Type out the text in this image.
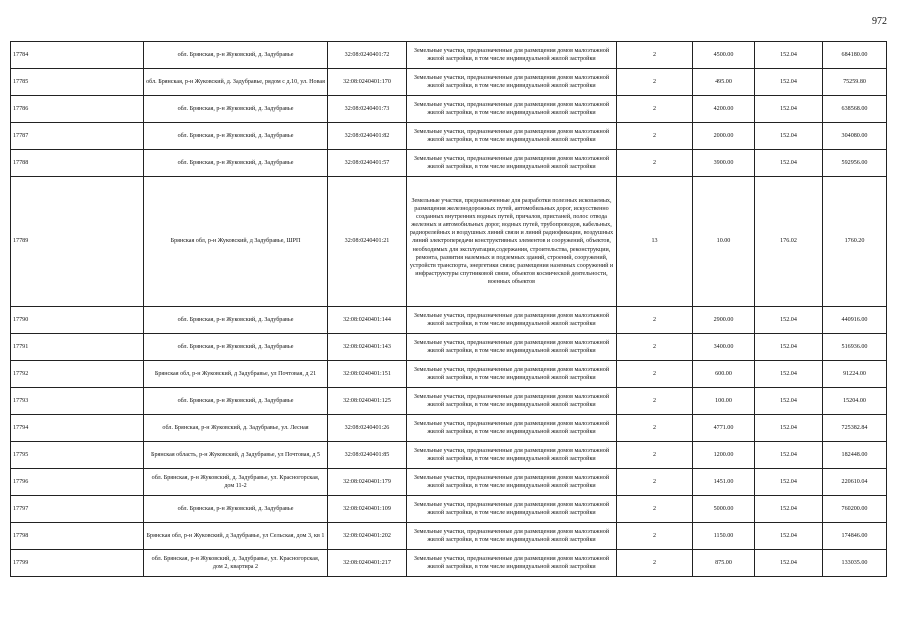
972
17784	обл. Брянская, р-н Жуковский, д. Задубравье	32:08:0240401:72	Земельные участки, предназначенные для размещения домов малоэтажной жилой застройки, в том числе индивидуальной жилой застройки	2	4500.00	152.04	684180.00
17785	обл. Брянская, р-н Жуковский, д. Задубравье, рядом с д.10, ул. Новая	32:08:0240401:170	Земельные участки, предназначенные для размещения домов малоэтажной жилой застройки, в том числе индивидуальной жилой застройки	2	495.00	152.04	75259.80
17786	обл. Брянская, р-н Жуковский, д. Задубравье	32:08:0240401:73	Земельные участки, предназначенные для размещения домов малоэтажной жилой застройки, в том числе индивидуальной жилой застройки	2	4200.00	152.04	638568.00
17787	обл. Брянская, р-н Жуковский, д. Задубравье	32:08:0240401:82	Земельные участки, предназначенные для размещения домов малоэтажной жилой застройки, в том числе индивидуальной жилой застройки	2	2000.00	152.04	304080.00
17788	обл. Брянская, р-н Жуковский, д. Задубравье	32:08:0240401:57	Земельные участки, предназначенные для размещения домов малоэтажной жилой застройки, в том числе индивидуальной жилой застройки	2	3900.00	152.04	592956.00
17789	Брянская обл, р-н Жуковский, д Задубравье, ШРП	32:08:0240401:21	Земельные участки, предназначенные для разработки полезных ископаемых, размещения железнодорожных путей, автомобильных дорог, искусственно созданных внутренних водных путей, причалов, пристаней, полос отвода железных и автомобильных дорог, водных путей, трубопроводов, кабельных, радиорелейных и воздушных линий связи и линий радиофикации, воздушных линий электропередачи конструктивных элементов и сооружений, объектов, необходимых для эксплуатации,содержания, строительства, реконструкции, ремонта, развития наземных и подземных зданий, строений, сооружений, устройств транспорта, энергетики связи; размещения наземных сооружений и инфраструктуры спутниковой связи, объектов космической деятельности, военных объектов	13	10.00	176.02	1760.20
17790	обл. Брянская, р-н Жуковский, д. Задубравье	32:08:0240401:144	Земельные участки, предназначенные для размещения домов малоэтажной жилой застройки, в том числе индивидуальной жилой застройки	2	2900.00	152.04	440916.00
17791	обл. Брянская, р-н Жуковский, д. Задубравье	32:08:0240401:143	Земельные участки, предназначенные для размещения домов малоэтажной жилой застройки, в том числе индивидуальной жилой застройки	2	3400.00	152.04	516936.00
17792	Брянская обл, р-н Жуковский, д Задубравье, ул Почтовая, д 21	32:08:0240401:151	Земельные участки, предназначенные для размещения домов малоэтажной жилой застройки, в том числе индивидуальной жилой застройки	2	600.00	152.04	91224.00
17793	обл. Брянская, р-н Жуковский, д. Задубравье	32:08:0240401:125	Земельные участки, предназначенные для размещения домов малоэтажной жилой застройки, в том числе индивидуальной жилой застройки	2	100.00	152.04	15204.00
17794	обл. Брянская, р-н Жуковский, д. Задубравье, ул. Лесная	32:08:0240401:26	Земельные участки, предназначенные для размещения домов малоэтажной жилой застройки, в том числе индивидуальной жилой застройки	2	4771.00	152.04	725382.84
17795	Брянская область, р-н Жуковский, д Задубравье, ул Почтовая, д 5	32:08:0240401:85	Земельные участки, предназначенные для размещения домов малоэтажной жилой застройки, в том числе индивидуальной жилой застройки	2	1200.00	152.04	182448.00
17796	обл. Брянская, р-н Жуковский, д. Задубравье, ул. Красногорская, дом 11-2	32:08:0240401:179	Земельные участки, предназначенные для размещения домов малоэтажной жилой застройки, в том числе индивидуальной жилой застройки	2	1451.00	152.04	220610.04
17797	обл. Брянская, р-н Жуковский, д. Задубравье	32:08:0240401:109	Земельные участки, предназначенные для размещения домов малоэтажной жилой застройки, в том числе индивидуальной жилой застройки	2	5000.00	152.04	760200.00
17798	Брянская обл, р-н Жуковский, д Задубравье, ул Сельская, дом 3, кв 1	32:08:0240401:202	Земельные участки, предназначенные для размещения домов малоэтажной жилой застройки, в том числе индивидуальной жилой застройки	2	1150.00	152.04	174846.00
17799	обл. Брянская, р-н Жуковский, д. Задубравье, ул. Красногорская, дом 2, квартира 2	32:08:0240401:217	Земельные участки, предназначенные для размещения домов малоэтажной жилой застройки, в том числе индивидуальной жилой застройки	2	875.00	152.04	133035.00
